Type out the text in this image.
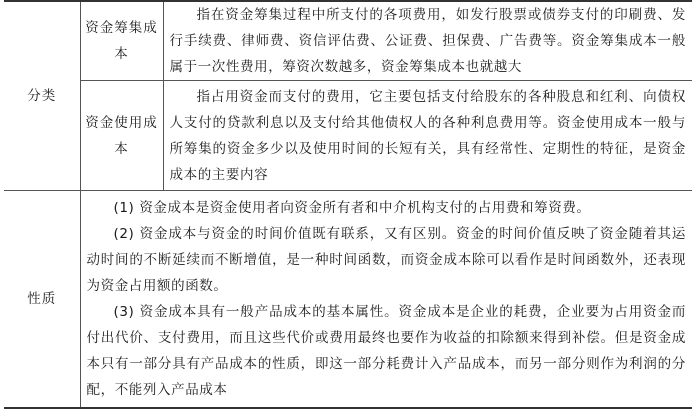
分类	资金筹集成本	指在资金筹集过程中所支付的各项费用，如发行股票或债券支付的印刷费、发行手续费、律师费、资信评估费、公证费、担保费、广告费等。资金筹集成本一般属于一次性费用，筹资次数越多，资金筹集成本也就越大

	资金使用成本	指占用资金而支付的费用，它主要包括支付给股东的各种股息和红利、向债权人支付的贷款利息以及支付给其他债权人的各种利息费用等。资金使用成本一般与所筹集的资金多少以及使用时间的长短有关，具有经常性、定期性的特征，是资金成本的主要内容

性质	(1) 资金成本是资金使用者向资金所有者和中介机构支付的占用费和筹资费。

(2) 资金成本与资金的时间价值既有联系，又有区别。资金的时间价值反映了资金随着其运动时间的不断延续而不断增值，是一种时间函数，而资金成本除可以看作是时间函数外，还表现为资金占用额的函数。

(3) 资金成本具有一般产品成本的基本属性。资金成本是企业的耗费，企业要为占用资金而付出代价、支付费用，而且这些代价或费用最终也要作为收益的扣除额来得到补偿。但是资金成本只有一部分具有产品成本的性质，即这一部分耗费计入产品成本，而另一部分则作为利润的分配，不能列入产品成本	
